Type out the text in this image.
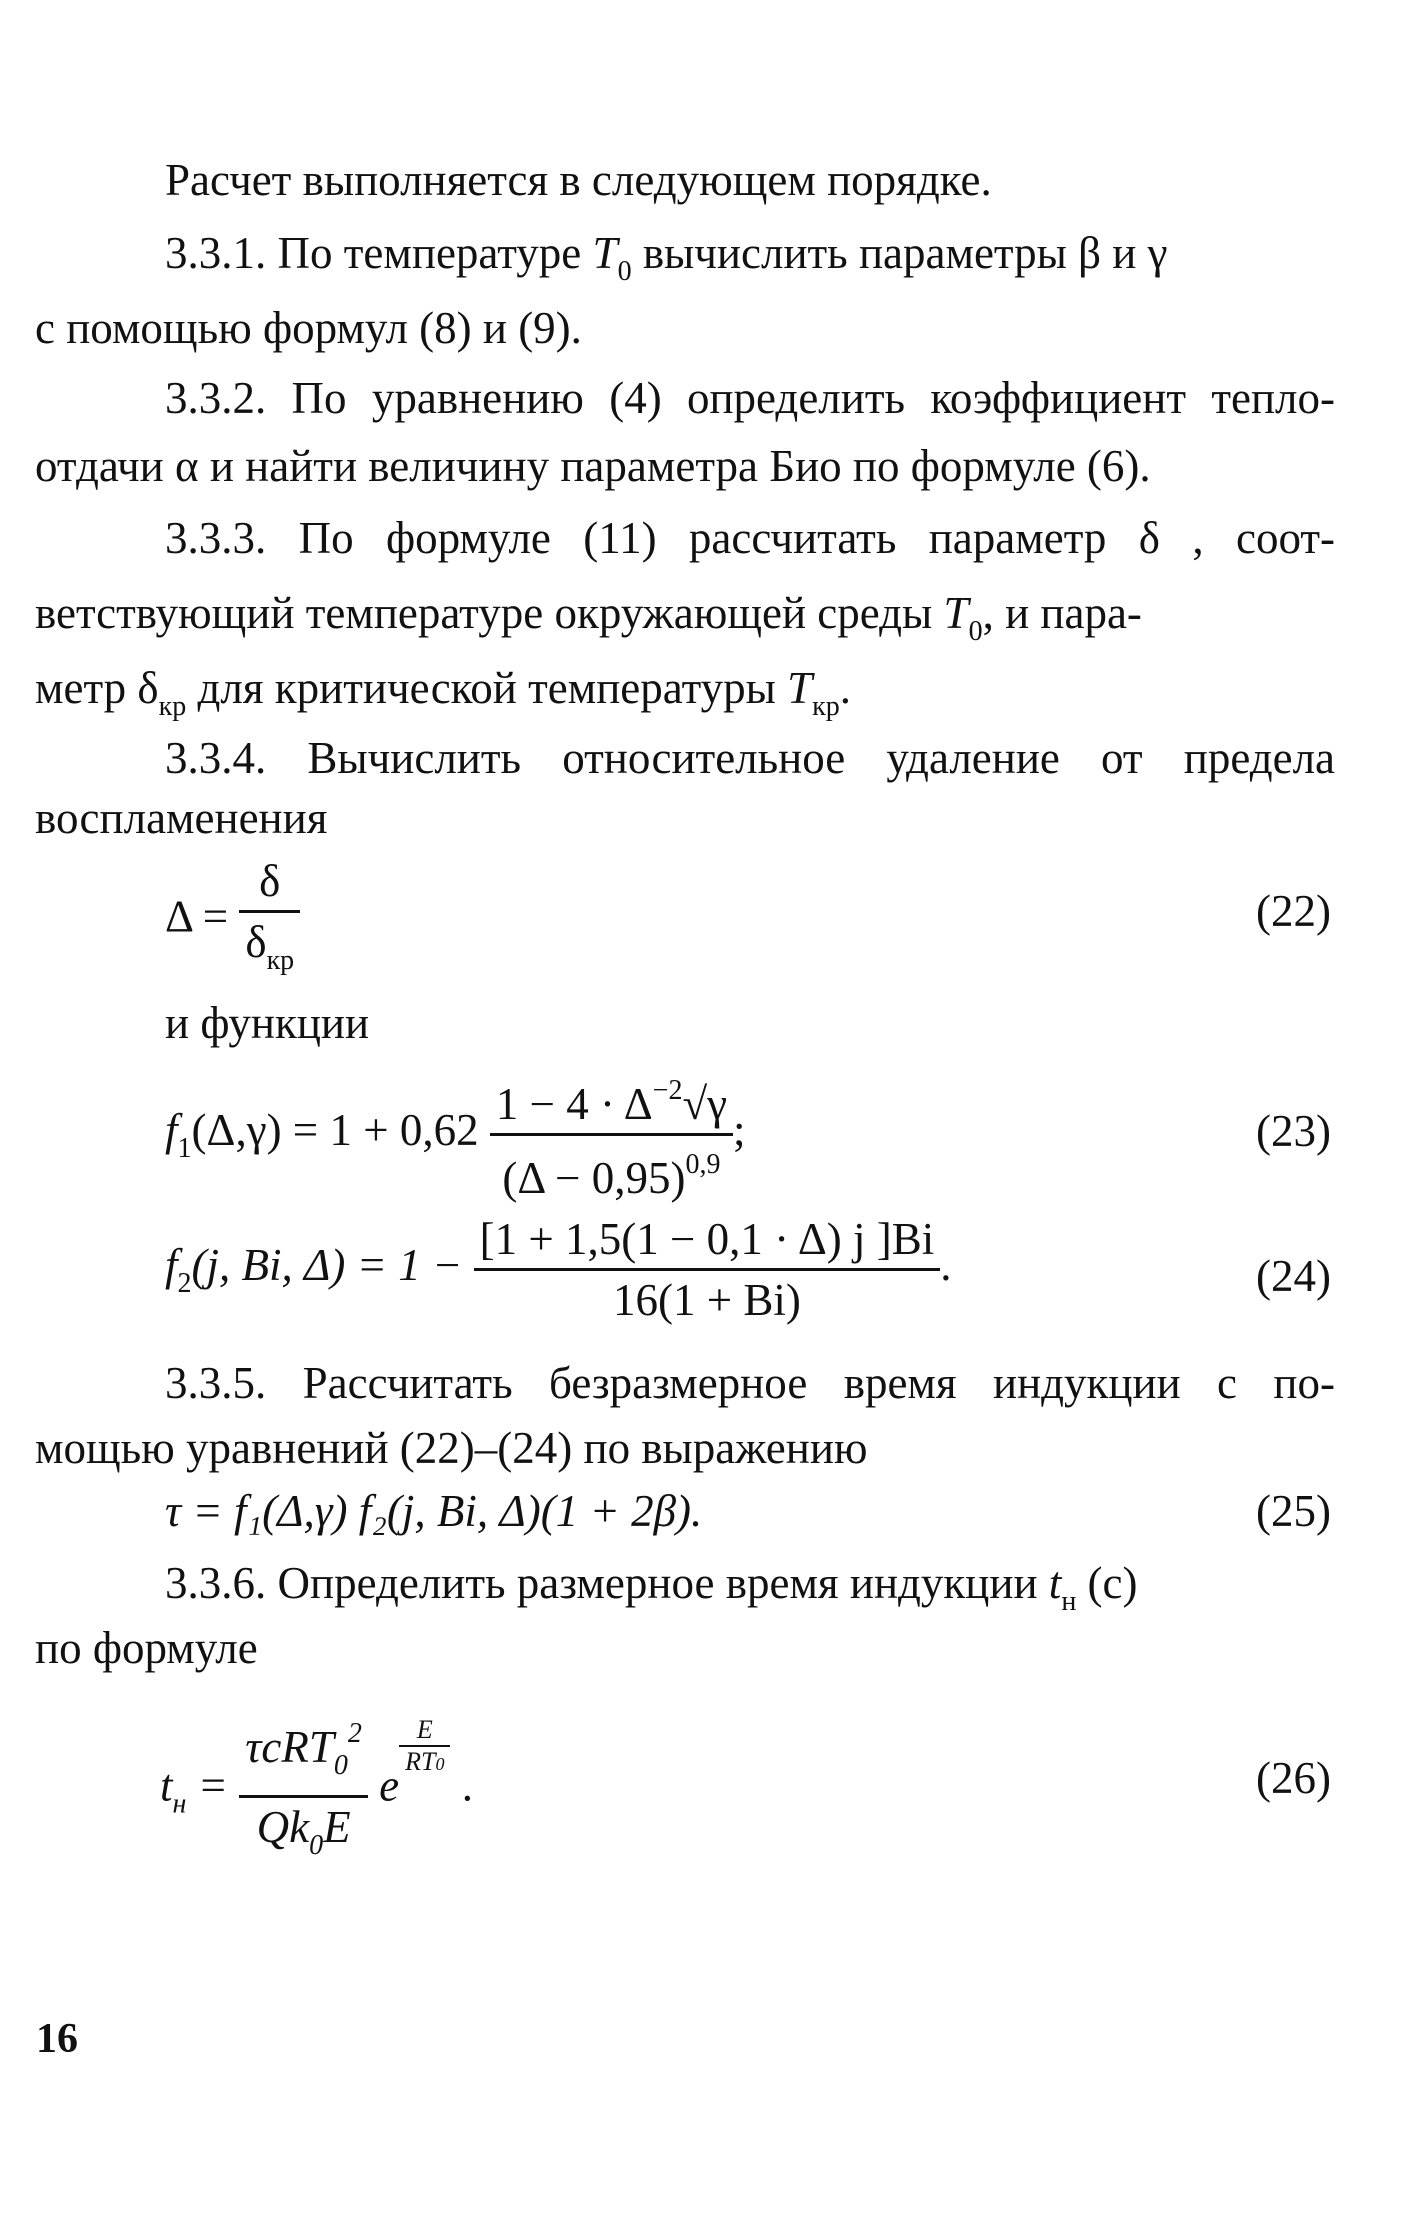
Расчет выполняется в следующем порядке.
3.3.1. По температуре $T_0$ вычислить параметры β и γ
с помощью формул (8) и (9).
3.3.2. По уравнению (4) определить коэффициент тепло-
отдачи α и найти величину параметра Био по формуле (6).
3.3.3. По формуле (11) рассчитать параметр δ , соот-
ветствующий температуре окружающей среды $T_0$, и пара-
метр $\delta_{кр}$ для критической температуры $T_{кр}$.
3.3.4. Вычислить относительное удаление от предела
воспламенения
$\Delta = \frac{\delta}{\delta_{кр}}$	(22)
и функции
$f_1(\Delta,\gamma) = 1 + 0,62 \frac{1 - 4 \cdot \Delta^{-2}√\gamma}{(\Delta - 0,95)^{0,9}}$ ;	(23)
$f_2(j$, Bi, $\Delta) = 1 - \frac{[1 + 1,5(1 - 0,1 \cdot \Delta) j ]Bi}{16(1 + Bi)}$ .	(24)
3.3.5. Рассчитать безразмерное время индукции с по-
мощью уравнений (22)–(24) по выражению
τ = f₁(Δ,γ) f₂(j, Bi, Δ)(1 + 2β).	(25)
3.3.6. Определить размерное время индукции $t_н$ (с)
по формуле
$t_н = \frac{\tau cRT_0^2}{Qk_0E}$ e
$\frac{E}{RT0}$
.	(26)
16
